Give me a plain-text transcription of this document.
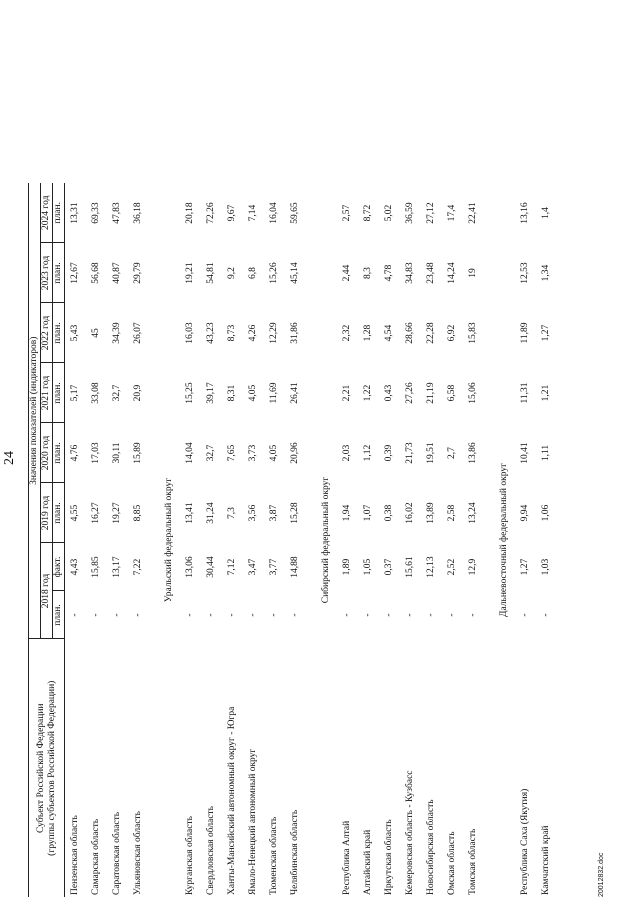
24
Субъект Российской Федерации (группы субъектов Российской Федерации)	Значения показателей (индикаторов)							
	2018 год		2019 год	2020 год	2021 год	2022 год	2023 год	2024 год
	план.	факт.	план.	план.	план.	план.	план.	план.
Пензенская область	-	4,43	4,55	4,76	5,17	5,43	12,67	13,31
Самарская область	-	15,85	16,27	17,03	33,08	45	56,68	69,33
Саратовская область	-	13,17	19,27	30,11	32,7	34,39	40,87	47,83
Ульяновская область	-	7,22	8,85	15,89	20,9	26,07	29,79	36,18

Уральский федеральный округ								
Курганская область	-	13,06	13,41	14,04	15,25	16,03	19,21	20,18
Свердловская область	-	30,44	31,24	32,7	39,17	43,23	54,81	72,26
Ханты-Мансийский автономный округ - Югра	-	7,12	7,3	7,65	8,31	8,73	9,2	9,67
Ямало-Ненецкий автономный округ	-	3,47	3,56	3,73	4,05	4,26	6,8	7,14
Тюменская область	-	3,77	3,87	4,05	11,69	12,29	15,26	16,04
Челябинская область	-	14,88	15,28	20,96	26,41	31,86	45,14	59,65

Сибирский федеральный округ								
Республика Алтай	-	1,89	1,94	2,03	2,21	2,32	2,44	2,57
Алтайский край	-	1,05	1,07	1,12	1,22	1,28	8,3	8,72
Иркутская область	-	0,37	0,38	0,39	0,43	4,54	4,78	5,02
Кемеровская область - Кузбасс	-	15,61	16,02	21,73	27,26	28,66	34,83	36,59
Новосибирская область	-	12,13	13,89	19,51	21,19	22,28	23,48	27,12
Омская область	-	2,52	2,58	2,7	6,58	6,92	14,24	17,4
Томская область	-	12,9	13,24	13,86	15,06	15,83	19	22,41

Дальневосточный федеральный округ								
Республика Саха (Якутия)	-	1,27	9,94	10,41	11,31	11,89	12,53	13,16
Камчатский край	-	1,03	1,06	1,11	1,21	1,27	1,34	1,4
20012832.doc
